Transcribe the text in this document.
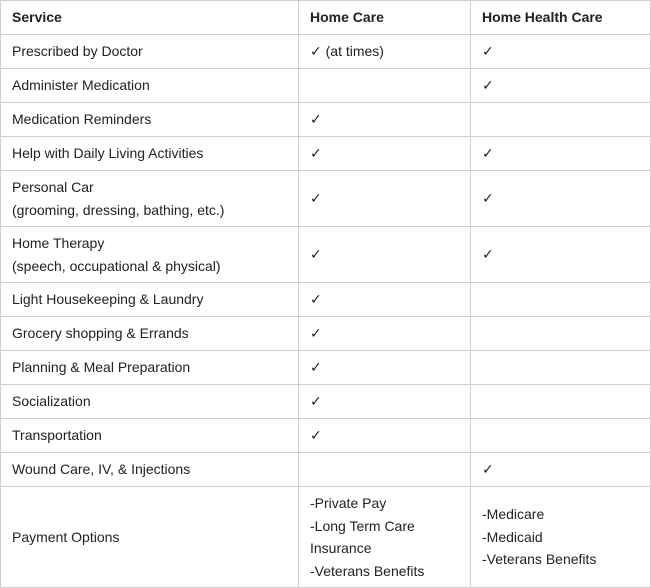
Service	Home Care	Home Health Care

Prescribed by Doctor	✓ (at times)	✓

Administer Medication		✓

Medication Reminders	✓	

Help with Daily Living Activities	✓	✓

Personal Car
(grooming, dressing, bathing, etc.)	✓	✓

Home Therapy
(speech, occupational & physical)	✓	✓

Light Housekeeping & Laundry	✓	

Grocery shopping & Errands	✓	

Planning & Meal Preparation	✓	

Socialization	✓	

Transportation	✓	

Wound Care, IV, & Injections		✓

Payment Options	-Private Pay
-Long Term Care
Insurance
-Veterans Benefits	-Medicare
-Medicaid
-Veterans Benefits
